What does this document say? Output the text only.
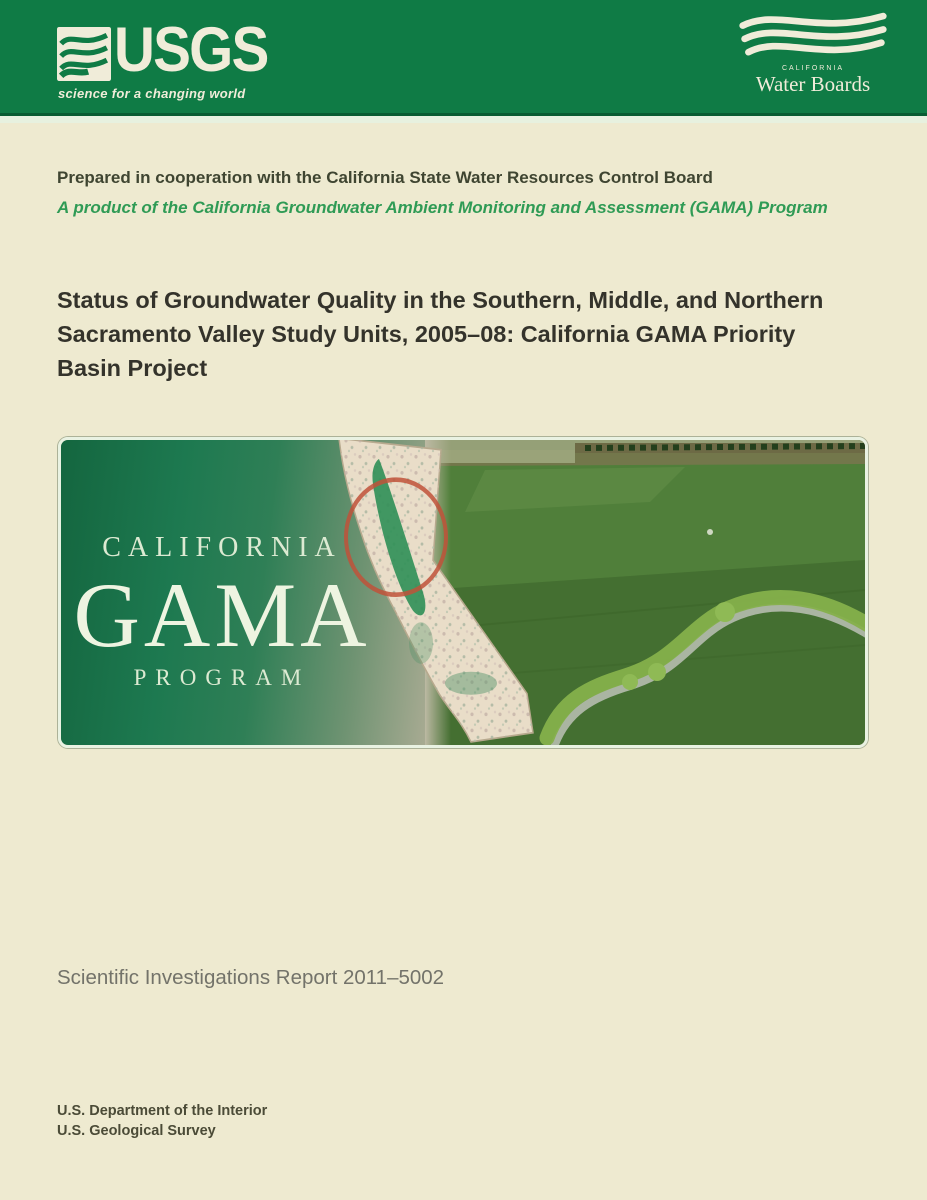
USGS
science for a changing world
CALIFORNIA
Water Boards
Prepared in cooperation with the California State Water Resources Control Board
A product of the California Groundwater Ambient Monitoring and Assessment (GAMA) Program
Status of Groundwater Quality in the Southern, Middle, and Northern
Sacramento Valley Study Units, 2005–08: California GAMA Priority
Basin Project
CALIFORNIA
GAMA
PROGRAM
Scientific Investigations Report 2011–5002
U.S. Department of the Interior
U.S. Geological Survey
